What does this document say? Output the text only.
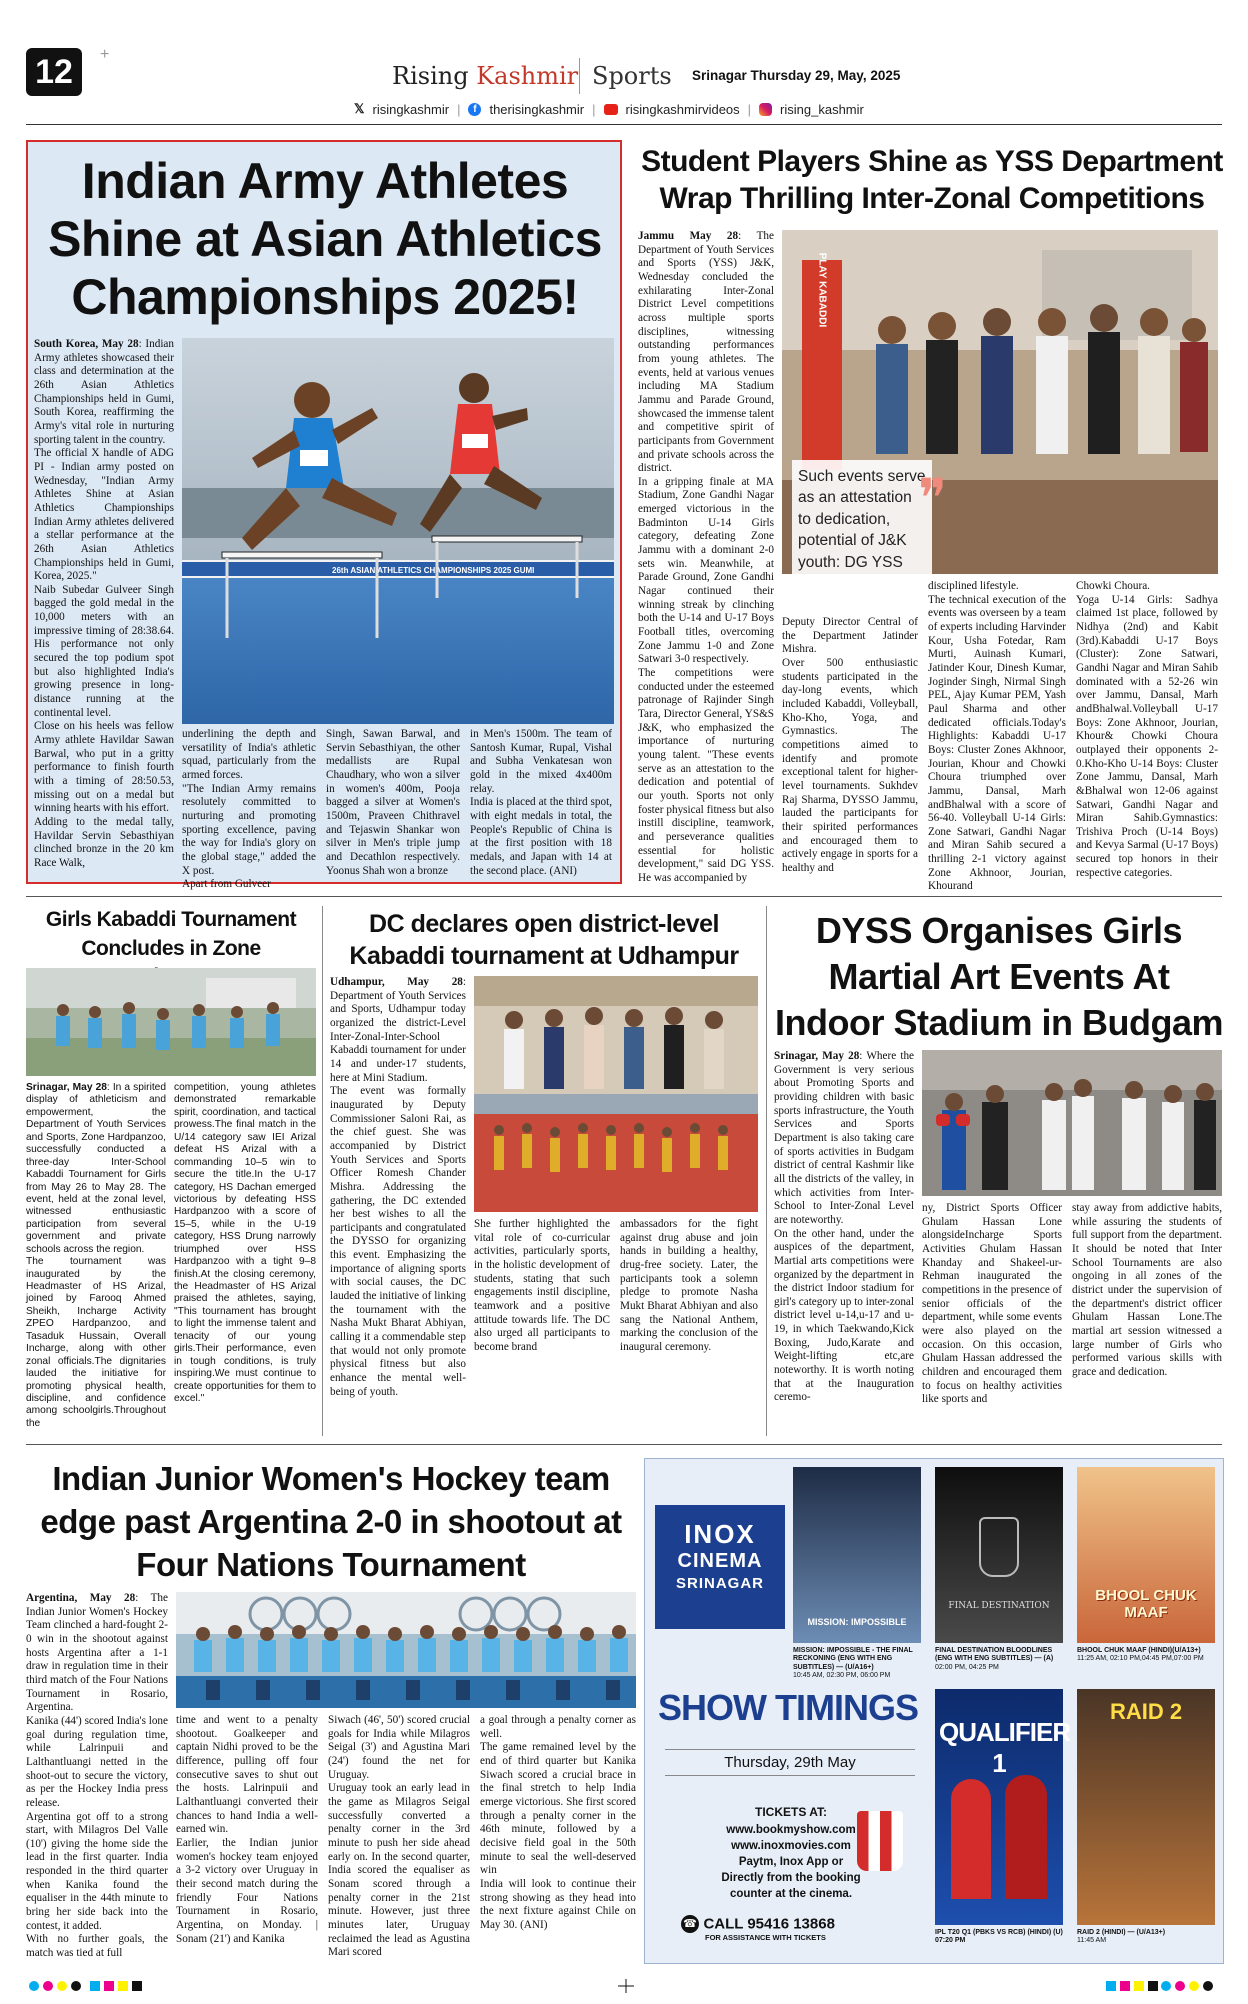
12	+
Rising Kashmir Sports Srinagar Thursday 29, May, 2025
𝕏 risingkashmir |	f therisingkashmir | risingkashmirvideos | rising_kashmir
Indian Army Athletes Shine at Asian Athletics Championships 2025!
South Korea, May 28: Indian Army athletes showcased their class and determination at the 26th Asian Athletics Championships held in Gumi, South Korea, reaffirming the Army's vital role in nurturing sporting talent in the country.
The official X handle of ADG PI - Indian army posted on Wednesday, "Indian Army Athletes Shine at Asian Athletics Championships Indian Army athletes delivered a stellar performance at the 26th Asian Athletics Championships held in Gumi, Korea, 2025."
Naib Subedar Gulveer Singh bagged the gold medal in the 10,000 meters with an impressive timing of 28:38.64. His performance not only secured the top podium spot but also highlighted India's growing presence in long-distance running at the continental level.
Close on his heels was fellow Army athlete Havildar Sawan Barwal, who put in a gritty performance to finish fourth with a timing of 28:50.53, missing out on a medal but winning hearts with his effort.
Adding to the medal tally, Havildar Servin Sebasthiyan clinched bronze in the 20 km Race Walk,
26th ASIAN ATHLETICS CHAMPIONSHIPS 2025 GUMI
underlining the depth and versatility of India's athletic squad, particularly from the armed forces.
"The Indian Army remains resolutely committed to nurturing and promoting sporting excellence, paving the way for India's glory on the global stage," added the X post.
Apart from Gulveer
Singh, Sawan Barwal, and Servin Sebasthiyan, the other medallists are Rupal Chaudhary, who won a silver in women's 400m, Pooja bagged a silver at Women's 1500m, Praveen Chithravel and Tejaswin Shankar won silver in Men's triple jump and Decathlon respectively. Yoonus Shah won a bronze
in Men's 1500m. The team of Santosh Kumar, Rupal, Vishal and Subha Venkatesan won gold in the mixed 4x400m relay.
India is placed at the third spot, with eight medals in total, the People's Republic of China is at the first position with 18 medals, and Japan with 14 at the second place. (ANI)
Student Players Shine as YSS Department Wrap Thrilling Inter-Zonal Competitions
Jammu May 28: The Department of Youth Services and Sports (YSS) J&K, Wednesday concluded the exhilarating Inter-Zonal District Level competitions across multiple sports disciplines, witnessing outstanding performances from young athletes. The events, held at various venues including MA Stadium Jammu and Parade Ground, showcased the immense talent and competitive spirit of participants from Government and private schools across the district.
In a gripping finale at MA Stadium, Zone Gandhi Nagar emerged victorious in the Badminton U-14 Girls category, defeating Zone Jammu with a dominant 2-0 sets win. Meanwhile, at Parade Ground, Zone Gandhi Nagar continued their winning streak by clinching both the U-14 and U-17 Boys Football titles, overcoming Zone Jammu 1-0 and Zone Satwari 3-0 respectively.
The competitions were conducted under the esteemed patronage of Rajinder Singh Tara, Director General, YS&S J&K, who emphasized the importance of nurturing young talent. "These events serve as an attestation to the dedication and potential of our youth. Sports not only foster physical fitness but also instill discipline, teamwork, and perseverance qualities essential for holistic development," said DG YSS. He was accompanied by
PLAY KABADDI
Such events serve as an attestation to dedication, potential of J&K youth: DG YSS
❞
Deputy Director Central of the Department Jatinder Mishra.
Over 500 enthusiastic students participated in the day-long events, which included Kabaddi, Volleyball, Kho-Kho, Yoga, and Gymnastics. The competitions aimed to identify and promote exceptional talent for higher-level tournaments. Sukhdev Raj Sharma, DYSSO Jammu, lauded the participants for their spirited performances and encouraged them to actively engage in sports for a healthy and
disciplined lifestyle.
The technical execution of the events was overseen by a team of experts including Harvinder Kour, Usha Fotedar, Ram Murti, Auinash Kumari, Jatinder Kour, Dinesh Kumar, Joginder Singh, Nirmal Singh PEL, Ajay Kumar PEM, Yash Paul Sharma and other dedicated officials.Today's Highlights: Kabaddi U-17 Boys: Cluster Zones Akhnoor, Jourian, Khour and Chowki Choura triumphed over Jammu, Dansal, Marh andBhalwal with a score of 56-40. Volleyball U-14 Girls: Zone Satwari, Gandhi Nagar and Miran Sahib secured a thrilling 2-1 victory against Zone Akhnoor, Jourian, Khourand
Chowki Choura.
Yoga U-14 Girls: Sadhya claimed 1st place, followed by Nidhya (2nd) and Kabit (3rd).Kabaddi U-17 Boys (Cluster): Zone Satwari, Gandhi Nagar and Miran Sahib dominated with a 52-26 win over Jammu, Dansal, Marh andBhalwal.Volleyball U-17 Boys: Zone Akhnoor, Jourian, Khour& Chowki Choura outplayed their opponents 2-0.Kho-Kho U-14 Boys: Cluster Zone Jammu, Dansal, Marh &Bhalwal won 12-06 against Satwari, Gandhi Nagar and Miran Sahib.Gymnastics: Trishiva Proch (U-14 Boys) and Kevya Sarmal (U-17 Boys) secured top honors in their respective categories.
Girls Kabaddi Tournament Concludes in Zone
Srinagar, May 28: In a spirited display of athleticism and empowerment, the Department of Youth Services and Sports, Zone Hardpanzoo, successfully conducted a three-day Inter-School Kabaddi Tournament for Girls from May 26 to May 28. The event, held at the zonal level, witnessed enthusiastic participation from several government and private schools across the region.
The tournament was inaugurated by the Headmaster of HS Arizal, joined by Farooq Ahmed Sheikh, Incharge Activity ZPEO Hardpanzoo, and Tasaduk Hussain, Overall Incharge, along with other zonal officials.The dignitaries lauded the initiative for promoting physical health, discipline, and confidence among schoolgirls.Throughout the
competition, young athletes demonstrated remarkable spirit, coordination, and tactical prowess.The final match in the U/14 category saw IEI Arizal defeat HS Arizal with a commanding 10–5 win to secure the title.In the U-17 category, HS Dachan emerged victorious by defeating HSS Hardpanzoo with a score of 15–5, while in the U-19 category, HSS Drung narrowly triumphed over HSS Hardpanzoo with a tight 9–8 finish.At the closing ceremony, the Headmaster of HS Arizal praised the athletes, saying, "This tournament has brought to light the immense talent and tenacity of our young girls.Their performance, even in tough conditions, is truly inspiring.We must continue to create opportunities for them to excel."
DC declares open district-level Kabaddi tournament at Udhampur
Udhampur, May 28: Department of Youth Services and Sports, Udhampur today organized the district-Level Inter-Zonal-Inter-School Kabaddi tournament for under 14 and under-17 students, here at Mini Stadium.
The event was formally inaugurated by Deputy Commissioner Saloni Rai, as the chief guest. She was accompanied by District Youth Services and Sports Officer Romesh Chander Mishra. Addressing the gathering, the DC extended her best wishes to all the participants and congratulated the DYSSO for organizing this event. Emphasizing the importance of aligning sports with social causes, the DC lauded the initiative of linking the tournament with the Nasha Mukt Bharat Abhiyan, calling it a commendable step that would not only promote physical fitness but also enhance the mental well-being of youth.
She further highlighted the vital role of co-curricular activities, particularly sports, in the holistic development of students, stating that such engagements instil discipline, teamwork and a positive attitude towards life. The DC also urged all participants to become brand
ambassadors for the fight against drug abuse and join hands in building a healthy, drug-free society. Later, the participants took a solemn pledge to promote Nasha Mukt Bharat Abhiyan and also sang the National Anthem, marking the conclusion of the inaugural ceremony.
DYSS Organises Girls Martial Art Events At Indoor Stadium in Budgam
Srinagar, May 28: Where the Government is very serious about Promoting Sports and providing children with basic sports infrastructure, the Youth Services and Sports Department is also taking care of sports activities in Budgam district of central Kashmir like all the districts of the valley, in which activities from Inter-School to Inter-Zonal Level are noteworthy.
On the other hand, under the auspices of the department, Martial arts competitions were organized by the department in the district Indoor stadium for girl's category up to inter-zonal district level u-14,u-17 and u-19, in which Taekwando,Kick Boxing, Judo,Karate and Weight-lifting etc,are noteworthy. It is worth noting that at the Inauguration ceremo-
ny, District Sports Officer Ghulam Hassan Lone alongsideIncharge Sports Activities Ghulam Hassan Khanday and Shakeel-ur-Rehman inaugurated the competitions in the presence of senior officials of the department, while some events were also played on the occasion. On this occasion, Ghulam Hassan addressed the children and encouraged them to focus on healthy activities like sports and
stay away from addictive habits, while assuring the students of full support from the department. It should be noted that Inter School Tournaments are also ongoing in all zones of the district under the supervision of the department's district officer Ghulam Hassan Lone.The martial art session witnessed a large number of Girls who performed various skills with grace and dedication.
Indian Junior Women's Hockey team edge past Argentina 2-0 in shootout at Four Nations Tournament
Argentina, May 28: The Indian Junior Women's Hockey Team clinched a hard-fought 2-0 win in the shootout against hosts Argentina after a 1-1 draw in regulation time in their third match of the Four Nations Tournament in Rosario, Argentina.
Kanika (44') scored India's lone goal during regulation time, while Lalrinpuii and Lalthantluangi netted in the shoot-out to secure the victory, as per the Hockey India press release.
Argentina got off to a strong start, with Milagros Del Valle (10') giving the home side the lead in the first quarter. India responded in the third quarter when Kanika found the equaliser in the 44th minute to bring her side back into the contest, it added.
With no further goals, the match was tied at full
time and went to a penalty shootout. Goalkeeper and captain Nidhi proved to be the difference, pulling off four consecutive saves to shut out the hosts. Lalrinpuii and Lalthantluangi converted their chances to hand India a well-earned win.
Earlier, the Indian junior women's hockey team enjoyed a 3-2 victory over Uruguay in their second match during the friendly Four Nations Tournament in Rosario, Argentina, on Monday. | Sonam (21') and Kanika
Siwach (46', 50') scored crucial goals for India while Milagros Seigal (3') and Agustina Mari (24') found the net for Uruguay.
Uruguay took an early lead in the game as Milagros Seigal successfully converted a penalty corner in the 3rd minute to push her side ahead early on. In the second quarter, India scored the equaliser as Sonam scored through a penalty corner in the 21st minute. However, just three minutes later, Uruguay reclaimed the lead as Agustina Mari scored
a goal through a penalty corner as well.
The game remained level by the end of third quarter but Kanika Siwach scored a crucial brace in the final stretch to help India emerge victorious. She first scored through a penalty corner in the 46th minute, followed by a decisive field goal in the 50th minute to seal the well-deserved win
India will look to continue their strong showing as they head into the next fixture against Chile on May 30. (ANI)
INOX
CINEMA
SRINAGAR
MISSION: IMPOSSIBLE
MISSION: IMPOSSIBLE - THE FINAL RECKONING (ENG WITH ENG SUBTITLES) — (U/A16+)
10:45 AM, 02:30 PM, 06:00 PM
FINAL DESTINATION
FINAL DESTINATION BLOODLINES (ENG WITH ENG SUBTITLES) — (A)
02:00 PM, 04:25 PM
BHOOL CHUK MAAF
BHOOL CHUK MAAF (HINDI)(U/A13+)
11:25 AM, 02:10 PM,04:45 PM,07:00 PM
SHOW TIMINGS
Thursday, 29th May
TICKETS AT:
www.bookmyshow.com
www.inoxmovies.com
Paytm, Inox App or
Directly from the booking
counter at the cinema.
☎ CALL 95416 13868
FOR ASSISTANCE WITH TICKETS
QUALIFIER 1
IPL T20 Q1 (PBKS VS RCB) (HINDI) (U) 07:20 PM
RAID 2
RAID 2 (HINDI) — (U/A13+)
11:45 AM
